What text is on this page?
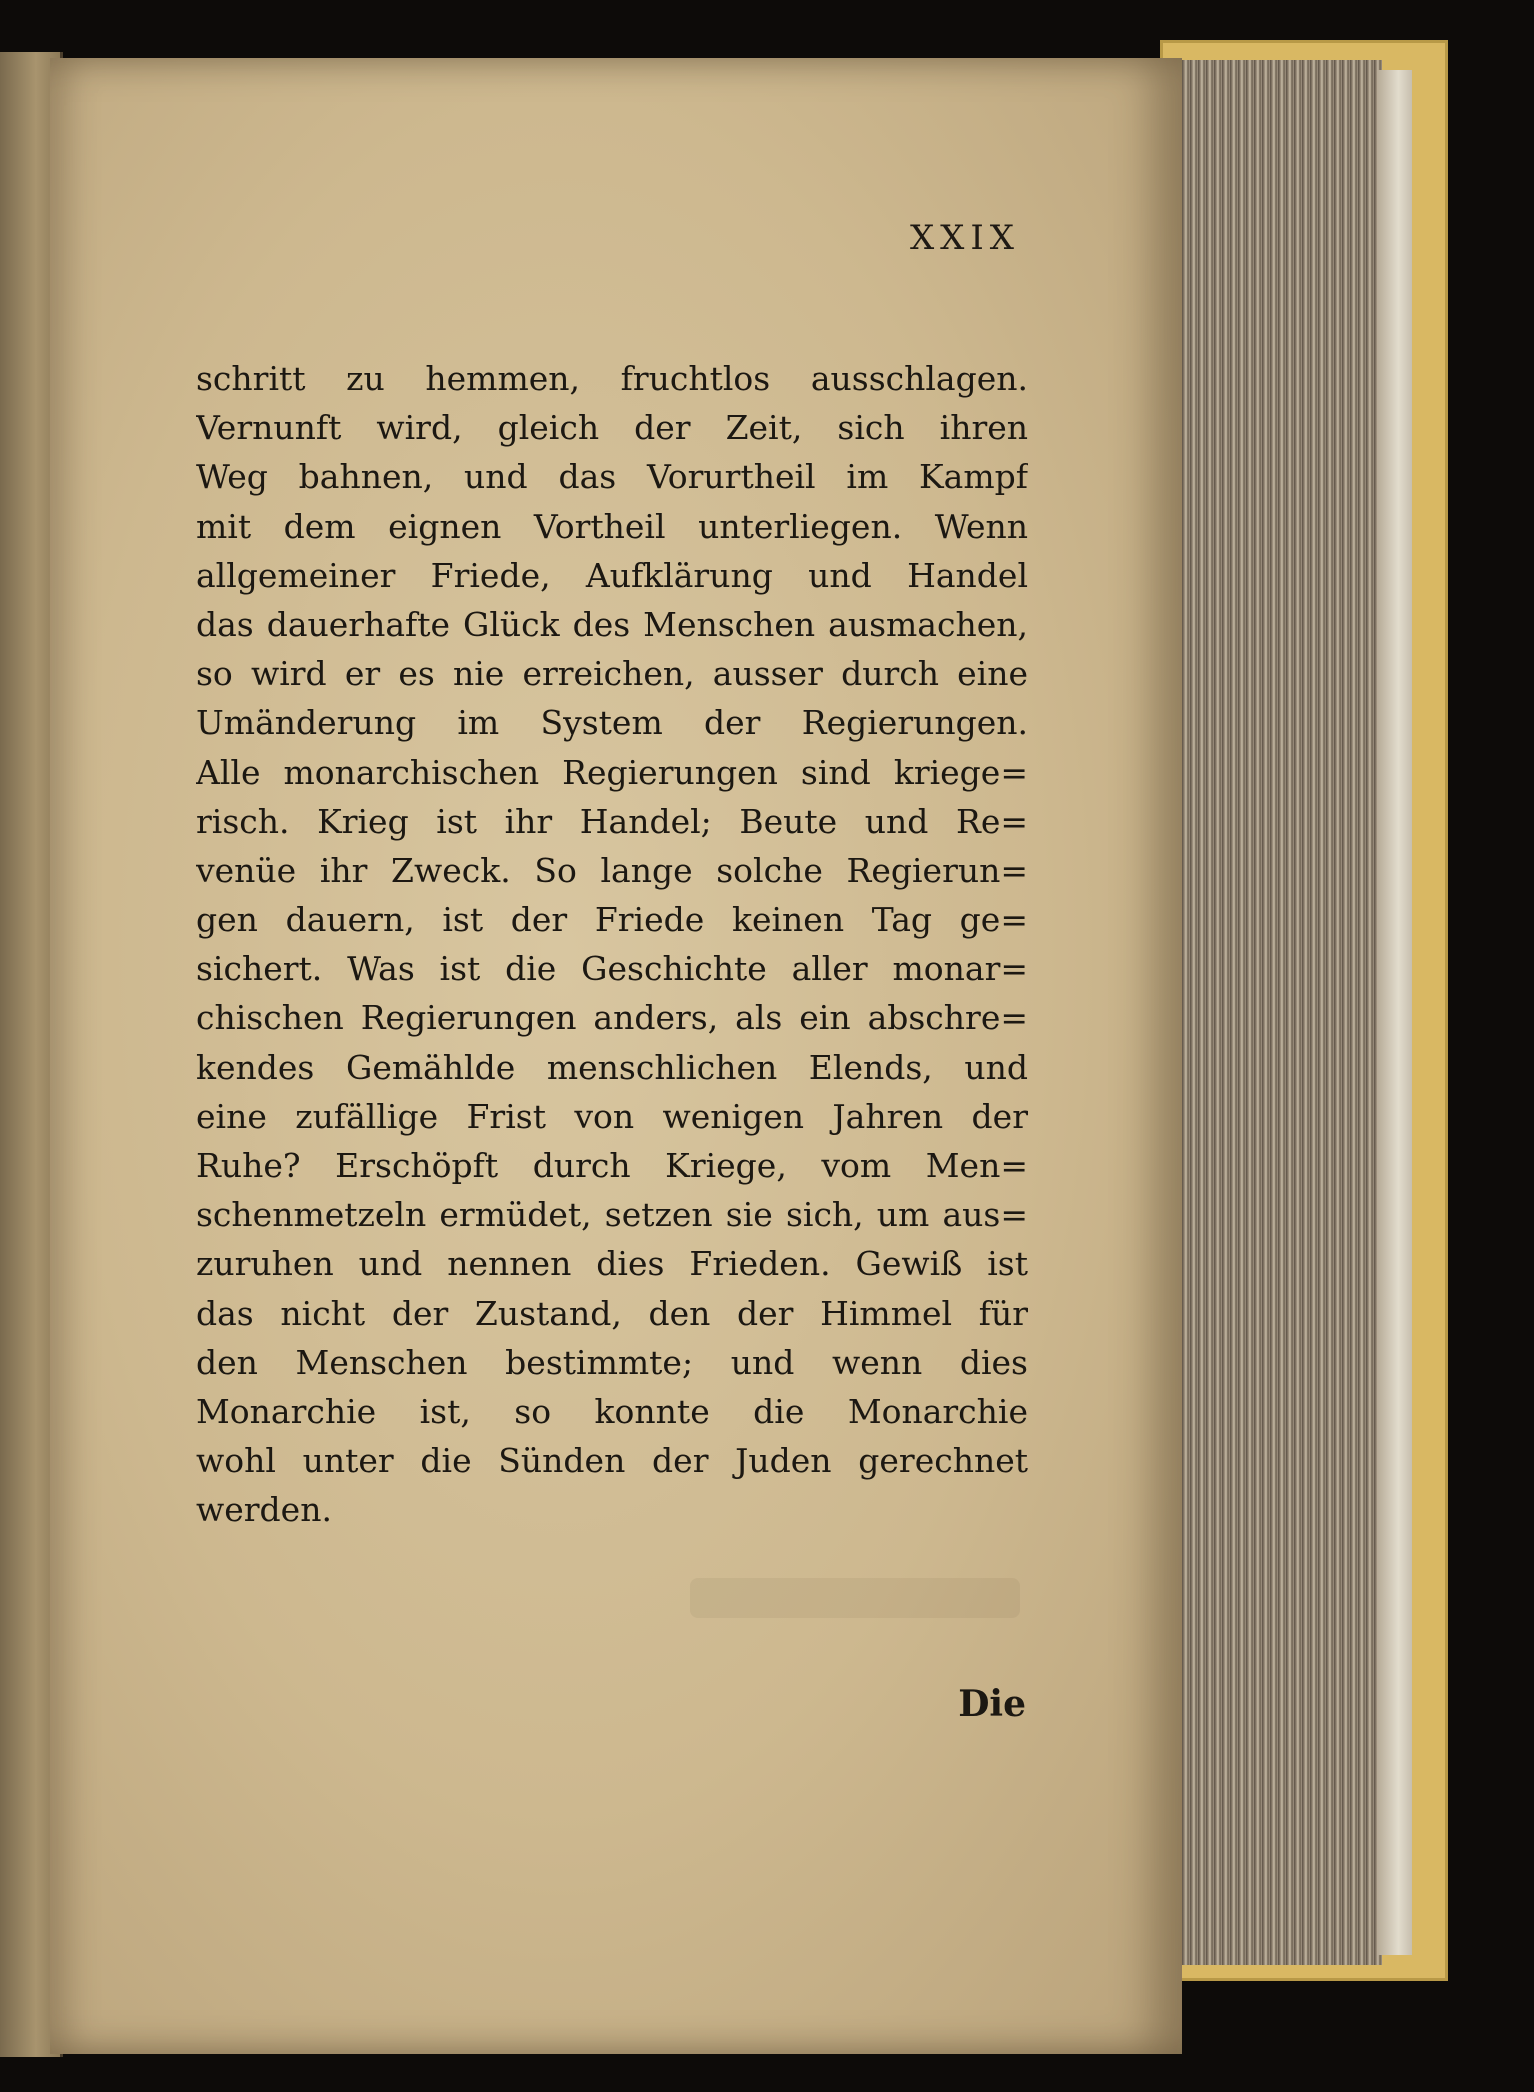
XXIX
schritt zu hemmen, fruchtlos ausschlagen.
Vernunft wird, gleich der Zeit, sich ihren
Weg bahnen, und das Vorurtheil im Kampf
mit dem eignen Vortheil unterliegen. Wenn
allgemeiner Friede, Aufklärung und Handel
das dauerhafte Glück des Menschen ausmachen,
so wird er es nie erreichen, ausser durch eine
Umänderung im System der Regierungen.
Alle monarchischen Regierungen sind kriege=
risch. Krieg ist ihr Handel; Beute und Re=
venüe ihr Zweck. So lange solche Regierun=
gen dauern, ist der Friede keinen Tag ge=
sichert. Was ist die Geschichte aller monar=
chischen Regierungen anders, als ein abschre=
kendes Gemählde menschlichen Elends, und
eine zufällige Frist von wenigen Jahren der
Ruhe? Erschöpft durch Kriege, vom Men=
schenmetzeln ermüdet, setzen sie sich, um aus=
zuruhen und nennen dies Frieden. Gewiß ist
das nicht der Zustand, den der Himmel für
den Menschen bestimmte; und wenn dies
Monarchie ist, so konnte die Monarchie
wohl unter die Sünden der Juden gerechnet
werden.
Die
